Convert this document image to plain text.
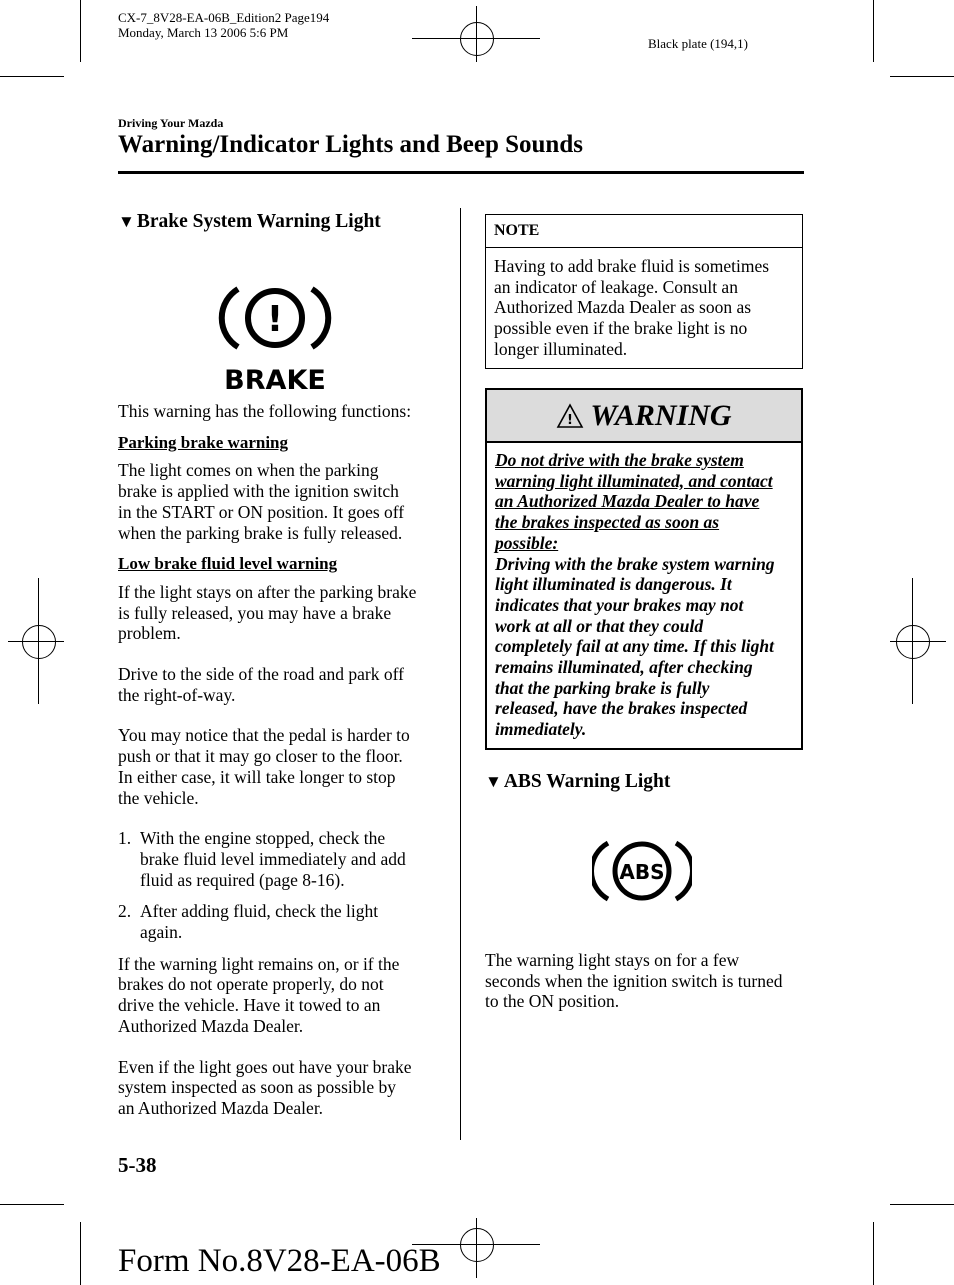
CX-7_8V28-EA-06B_Edition2 Page194
Monday, March 13 2006 5:6 PM
Black plate (194,1)
Driving Your Mazda
Warning/Indicator Lights and Beep Sounds
▼ Brake System Warning Light
!
BRAKE

This warning has the following functions:

Parking brake warning

The light comes on when the parking
brake is applied with the ignition switch
in the START or ON position. It goes off
when the parking brake is fully released.

Low brake fluid level warning

If the light stays on after the parking brake
is fully released, you may have a brake
problem.

Drive to the side of the road and park off
the right-of-way.

You may notice that the pedal is harder to
push or that it may go closer to the floor.
In either case, it will take longer to stop
the vehicle.

1. With the engine stopped, check the
brake fluid level immediately and add
fluid as required (page 8-16).
2. After adding fluid, check the light
again.

If the warning light remains on, or if the
brakes do not operate properly, do not
drive the vehicle. Have it towed to an
Authorized Mazda Dealer.

Even if the light goes out have your brake
system inspected as soon as possible by
an Authorized Mazda Dealer.

NOTE
Having to add brake fluid is sometimes
an indicator of leakage. Consult an
Authorized Mazda Dealer as soon as
possible even if the brake light is no
longer illuminated.
! WARNING
Do not drive with the brake system
warning light illuminated, and contact
an Authorized Mazda Dealer to have
the brakes inspected as soon as
possible:
Driving with the brake system warning
light illuminated is dangerous. It
indicates that your brakes may not
work at all or that they could
completely fail at any time. If this light
remains illuminated, after checking
that the parking brake is fully
released, have the brakes inspected
immediately.
▼ ABS Warning Light
ABS
The warning light stays on for a few
seconds when the ignition switch is turned
to the ON position.
5-38
Form No.8V28-EA-06B
